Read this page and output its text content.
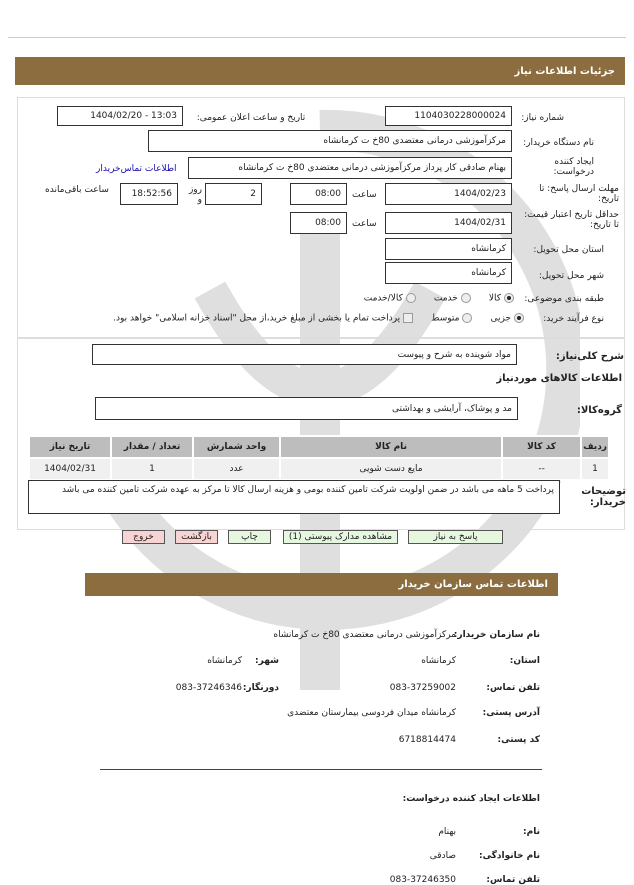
جزئیات اطلاعات نیاز
شماره نیاز:
1104030228000024
تاریخ و ساعت اعلان عمومی:
1404/02/20 - 13:03
نام دستگاه خریدار:
مرکزآموزشی درمانی معتضدی 80خ ت کرمانشاه
ایجاد کننده درخواست:
بهنام صادقی کار پرداز مرکزآموزشی درمانی معتضدی 80خ ت کرمانشاه
اطلاعات تماس‌خریدار
مهلت ارسال پاسخ: تا تاریخ:
1404/02/23
ساعت
08:00
2
روز و
18:52:56
ساعت باقی‌مانده
حداقل تاریخ اعتبار قیمت: تا تاریخ:
1404/02/31
ساعت
08:00
استان محل تحویل:
کرمانشاه
شهر محل تحویل:
کرمانشاه
طبقه بندی موضوعی:
کالا
خدمت
کالا/خدمت
نوع فرآیند خرید:
جزیی
متوسط
پرداخت تمام یا بخشی از مبلغ خرید،از محل "اسناد خزانه اسلامی" خواهد بود.
شرح کلی‌نیاز:
مواد شوینده به شرح و پیوست
اطلاعات کالاهای موردنیاز
گروه‌کالا:
مد و پوشاک، آرایشی و بهداشتی
ردیف	کد کالا	نام کالا	واحد شمارش	تعداد / مقدار	تاریخ نیاز
1	--	مایع دست شویی	عدد	1	1404/02/31
توضیحات خریدار:
پرداخت 5 ماهه می باشد در ضمن اولویت شرکت تامین کننده بومی و هزینه ارسال کالا تا مرکز به عهده شرکت تامین کننده می باشد
پاسخ به نیاز
مشاهده مدارک پیوستی (1)
چاپ
بازگشت
خروج
اطلاعات تماس سازمان خریدار
نام سازمان خریدار:
مرکزآموزشی درمانی معتضدی 80خ ت کرمانشاه
استان:
کرمانشاه
شهر:
کرمانشاه
تلفن تماس:
083-37259002
دورنگار:
083-37246346
آدرس پستی:
کرمانشاه میدان فردوسی بیمارستان معتضدی
کد پستی:
6718814474
اطلاعات ایجاد کننده درخواست:
نام:
بهنام
نام خانوادگی:
صادقی
تلفن تماس:
083-37246350
